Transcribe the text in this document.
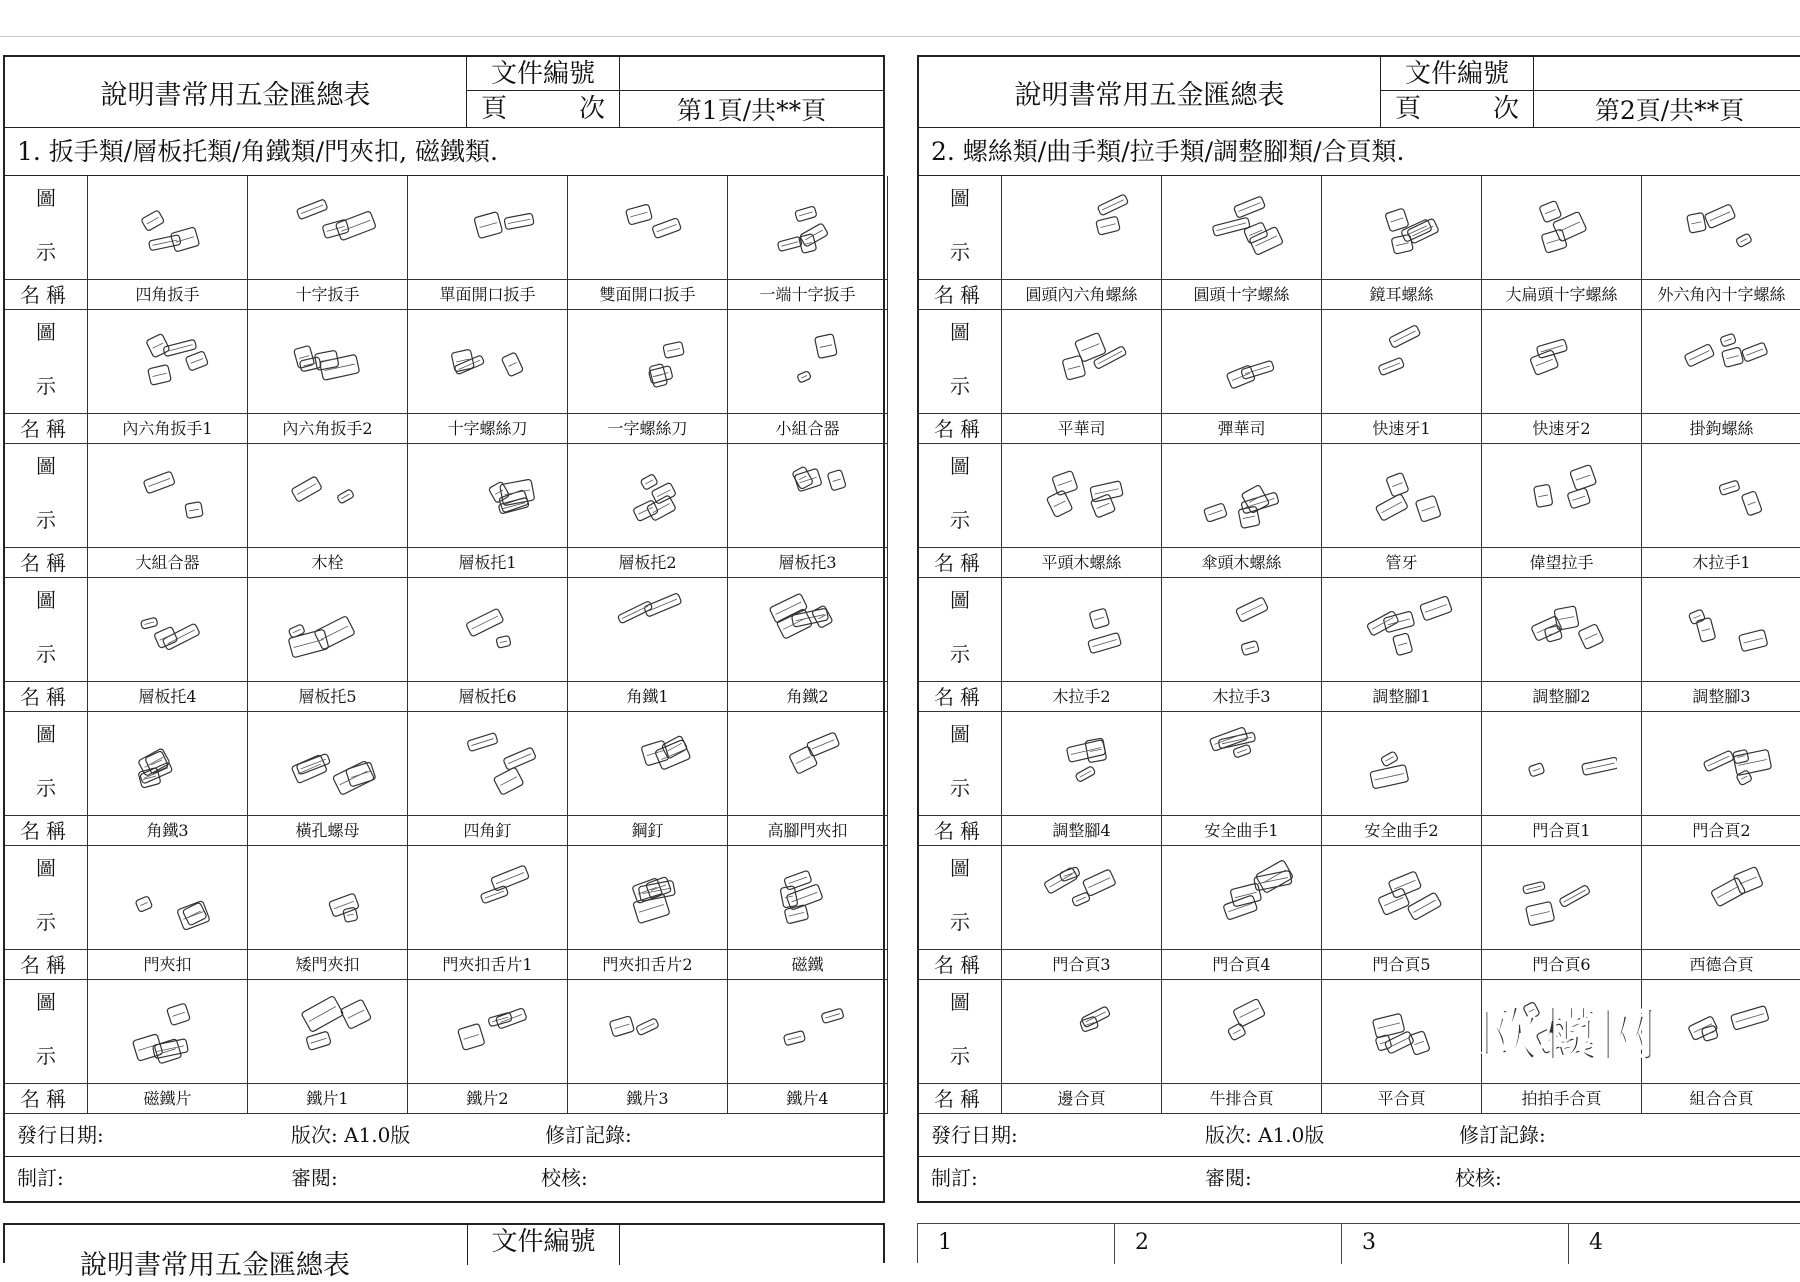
說明書常用五金匯總表
文件編號
頁	次	第1頁/共**頁
1. 扳手類/層板托類/角鐵類/門夾扣, 磁鐵類.
圖
示
名稱	四角扳手	十字扳手	單面開口扳手	雙面開口扳手	一端十字扳手
圖
示
名稱	內六角扳手1	內六角扳手2	十字螺絲刀	一字螺絲刀	小組合器
圖
示
名稱	大組合器	木栓	層板托1	層板托2	層板托3
圖
示
名稱	層板托4	層板托5	層板托6	角鐵1	角鐵2
圖
示
名稱	角鐵3	橫孔螺母	四角釘	鋼釘	高腳門夾扣
圖
示
名稱	門夾扣	矮門夾扣	門夾扣舌片1	門夾扣舌片2	磁鐵
圖
示
名稱	磁鐵片	鐵片1	鐵片2	鐵片3	鐵片4
發行日期:	版次: A1.0版	修訂記錄:
制訂:	審閱:	校核:
說明書常用五金匯總表
文件編號
頁	次	第2頁/共**頁
2. 螺絲類/曲手類/拉手類/調整腳類/合頁類.
圖
示
名稱	圓頭內六角螺絲	圓頭十字螺絲	鏡耳螺絲	大扁頭十字螺絲	外六角內十字螺絲
圖
示
名稱	平華司	彈華司	快速牙1	快速牙2	掛鉤螺絲
圖
示
名稱	平頭木螺絲	傘頭木螺絲	管牙	偉望拉手	木拉手1
圖
示
名稱	木拉手2	木拉手3	調整腳1	調整腳2	調整腳3
圖
示
名稱	調整腳4	安全曲手1	安全曲手2	門合頁1	門合頁2
圖
示
名稱	門合頁3	門合頁4	門合頁5	門合頁6	西德合頁
圖
示
名稱	邊合頁	牛排合頁	平合頁	拍拍手合頁	組合合頁
發行日期:	版次: A1.0版	修訂記錄:
制訂:	審閱:	校核:
說明書常用五金匯總表
文件編號	1	2	3	4
欧模网
